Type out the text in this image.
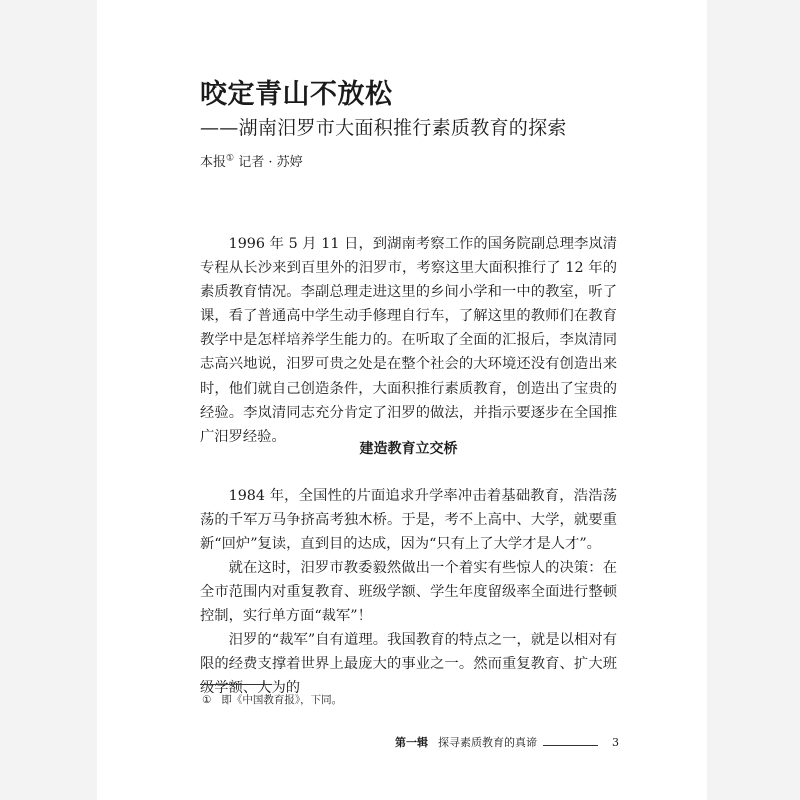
咬定青山不放松
——湖南汨罗市大面积推行素质教育的探索
本报① 记者 · 苏婷

1996 年 5 月 11 日，到湖南考察工作的国务院副总理李岚清专程从长沙来到百里外的汨罗市，考察这里大面积推行了 12 年的素质教育情况。李副总理走进这里的乡间小学和一中的教室，听了课，看了普通高中学生动手修理自行车，了解这里的教师们在教育教学中是怎样培养学生能力的。在听取了全面的汇报后，李岚清同志高兴地说，汨罗可贵之处是在整个社会的大环境还没有创造出来时，他们就自己创造条件，大面积推行素质教育，创造出了宝贵的经验。李岚清同志充分肯定了汨罗的做法，并指示要逐步在全国推广汨罗经验。

建造教育立交桥

1984 年，全国性的片面追求升学率冲击着基础教育，浩浩荡荡的千军万马争挤高考独木桥。于是，考不上高中、大学，就要重新“回炉”复读，直到目的达成，因为“只有上了大学才是人才”。

就在这时，汨罗市教委毅然做出一个着实有些惊人的决策：在全市范围内对重复教育、班级学额、学生年度留级率全面进行整顿控制，实行单方面“裁军”！

汨罗的“裁军”自有道理。我国教育的特点之一，就是以相对有限的经费支撑着世界上最庞大的事业之一。然而重复教育、扩大班级学额、人为的

① 即《中国教育报》，下同。
第一辑 探寻素质教育的真谛	3
